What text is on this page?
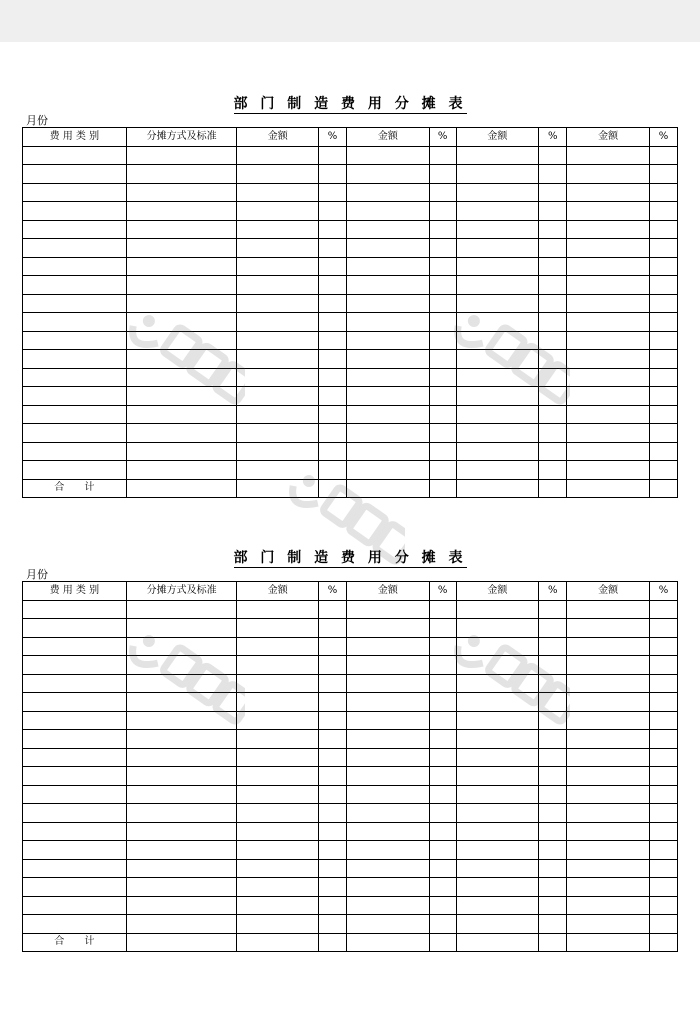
部 门 制 造 费 用 分 摊 表
月份
费 用 类 别	分摊方式及标准	金额	%	金额	%	金额	%	金额	%

合　　计									
部 门 制 造 费 用 分 摊 表
月份
费 用 类 别	分摊方式及标准	金额	%	金额	%	金额	%	金额	%

合　　计									
